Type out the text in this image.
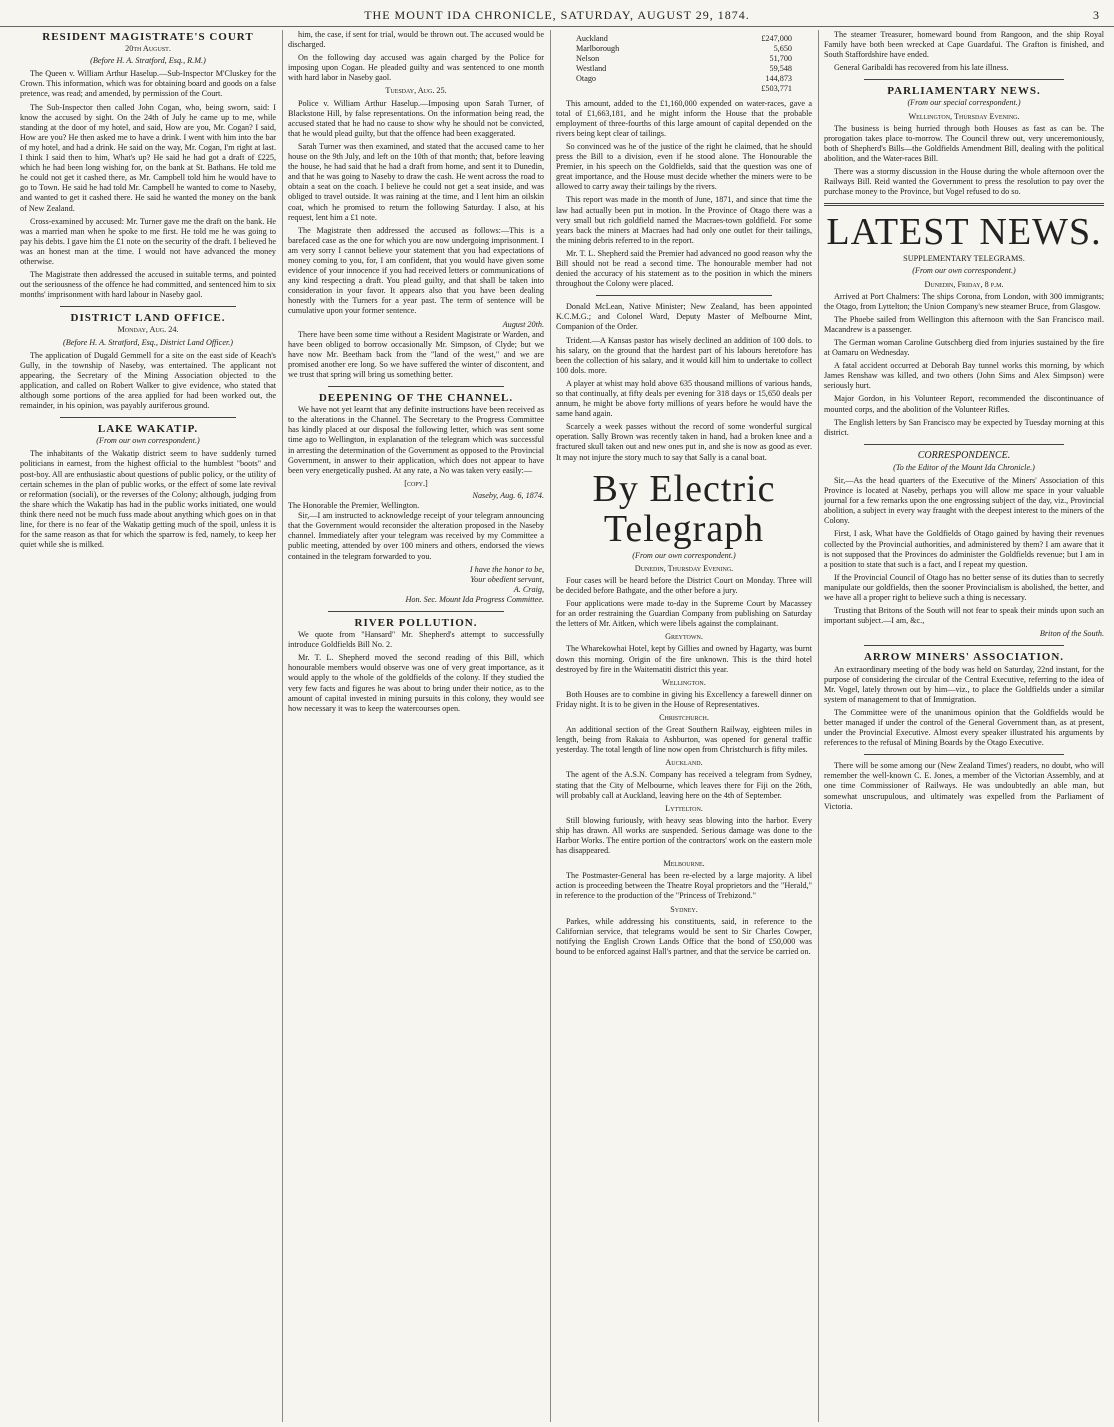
THE MOUNT IDA CHRONICLE, SATURDAY, AUGUST 29, 1874.	3
RESIDENT MAGISTRATE'S COURT
20th August.
(Before H. A. Stratford, Esq., R.M.)

The Queen v. William Arthur Haselup.—Sub-Inspector M'Cluskey for the Crown. This information, which was for obtaining board and goods on a false pretence, was read; and amended, by permission of the Court.

The Sub-Inspector then called John Cogan, who, being sworn, said: I know the accused by sight. On the 24th of July he came up to me, while standing at the door of my hotel, and said, How are you, Mr. Cogan? I said, How are you? He then asked me to have a drink. I went with him into the bar of my hotel, and had a drink. He said on the way, Mr. Cogan, I'm right at last. I think I said then to him, What's up? He said he had got a draft of £225, which he had been long wishing for, on the bank at St. Bathans. He told me he could not get it cashed there, as Mr. Campbell told him he would have to go to Town. He said he had told Mr. Campbell he wanted to come to Naseby, and wanted to get it cashed there. He said he wanted the money on the bank of New Zealand.

Cross-examined by accused: Mr. Turner gave me the draft on the bank. He was a married man when he spoke to me first. He told me he was going to pay his debts. I gave him the £1 note on the security of the draft. I believed he was an honest man at the time. I would not have advanced the money otherwise.

The Magistrate then addressed the accused in suitable terms, and pointed out the seriousness of the offence he had committed, and sentenced him to six months' imprisonment with hard labour in Naseby gaol.

DISTRICT LAND OFFICE.
Monday, Aug. 24.
(Before H. A. Stratford, Esq., District Land Officer.)

The application of Dugald Gemmell for a site on the east side of Keach's Gully, in the township of Naseby, was entertained. The applicant not appearing, the Secretary of the Mining Association objected to the application, and called on Robert Walker to give evidence, who stated that although some portions of the area applied for had been worked out, the remainder, in his opinion, was payably auriferous ground.

LAKE WAKATIP.
(From our own correspondent.)

The inhabitants of the Wakatip district seem to have suddenly turned politicians in earnest, from the highest official to the humblest "boots" and post-boy. All are enthusiastic about questions of public policy, or the utility of certain schemes in the plan of public works, or the effect of some late revival or reformation (sociali), or the reverses of the Colony; although, judging from the share which the Wakatip has had in the public works initiated, one would think there need not be much fuss made about anything which goes on in that line, for there is no fear of the Wakatip getting much of the spoil, unless it is for the same reason as that for which the sparrow is fed, namely, to keep her quiet while she is milked.

him, the case, if sent for trial, would be thrown out. The accused would be discharged.

On the following day accused was again charged by the Police for imposing upon Cogan. He pleaded guilty and was sentenced to one month with hard labor in Naseby gaol.

Tuesday, Aug. 25.

Police v. William Arthur Haselup.—Imposing upon Sarah Turner, of Blackstone Hill, by false representations. On the information being read, the accused stated that he had no cause to show why he should not be convicted, that he would plead guilty, but that the offence had been exaggerated.

Sarah Turner was then examined, and stated that the accused came to her house on the 9th July, and left on the 10th of that month; that, before leaving the house, he had said that he had a draft from home, and sent it to Dunedin, and that he was going to Naseby to draw the cash. He went across the road to obtain a seat on the coach. I believe he could not get a seat inside, and was obliged to travel outside. It was raining at the time, and I lent him an oilskin coat, which he promised to return the following Saturday. I also, at his request, lent him a £1 note.

The Magistrate then addressed the accused as follows:—This is a barefaced case as the one for which you are now undergoing imprisonment. I am very sorry I cannot believe your statement that you had expectations of money coming to you, for, I am confident, that you would have given some evidence of your innocence if you had received letters or communications of any kind respecting a draft. You plead guilty, and that shall be taken into consideration in your favor. It appears also that you have been dealing honestly with the Turners for a year past. The term of sentence will be cumulative upon your former sentence.

August 20th.

There have been some time without a Resident Magistrate or Warden, and have been obliged to borrow occasionally Mr. Simpson, of Clyde; but we have now Mr. Beetham back from the "land of the west," and we are promised another ere long. So we have suffered the winter of discontent, and we trust that spring will bring us something better.

DEEPENING OF THE CHANNEL.

We have not yet learnt that any definite instructions have been received as to the alterations in the Channel. The Secretary to the Progress Committee has kindly placed at our disposal the following letter, which was sent some time ago to Wellington, in explanation of the telegram which was successful in arresting the determination of the Government as opposed to the Provincial Government, in answer to their application, which does not appear to have been very energetically pushed. At any rate, a No was taken very easily:—

[copy.]
Naseby, Aug. 6, 1874.
The Honorable the Premier, Wellington.

Sir,—I am instructed to acknowledge receipt of your telegram announcing that the Government would reconsider the alteration proposed in the Naseby channel. Immediately after your telegram was received by my Committee a public meeting, attended by over 100 miners and others, endorsed the views contained in the telegram forwarded to you.

I have the honor to be,
Your obedient servant,
A. Craig,
Hon. Sec. Mount Ida Progress Committee.
RIVER POLLUTION.

We quote from "Hansard" Mr. Shepherd's attempt to successfully introduce Goldfields Bill No. 2.

Mr. T. L. Shepherd moved the second reading of this Bill, which honourable members would observe was one of very great importance, as it would apply to the whole of the goldfields of the colony. If they studied the very few facts and figures he was about to bring under their notice, as to the amount of capital invested in mining pursuits in this colony, they would see how necessary it was to keep the watercourses open.

Auckland	£247,000
Marlborough	5,650
Nelson	51,700
Westland	59,548
Otago	144,873
£503,771

This amount, added to the £1,160,000 expended on water-races, gave a total of £1,663,181, and he might inform the House that the probable employment of three-fourths of this large amount of capital depended on the rivers being kept clear of tailings.

So convinced was he of the justice of the right he claimed, that he should press the Bill to a division, even if he stood alone. The Honourable the Premier, in his speech on the Goldfields, said that the question was one of great importance, and the House must decide whether the miners were to be allowed to carry away their tailings by the rivers.

This report was made in the month of June, 1871, and since that time the law had actually been put in motion. In the Province of Otago there was a very small but rich goldfield named the Macraes-town goldfield. For some years back the miners at Macraes had had only one outlet for their tailings, the mining debris referred to in the report.

Mr. T. L. Shepherd said the Premier had advanced no good reason why the Bill should not be read a second time. The honourable member had not denied the accuracy of his statement as to the position in which the miners throughout the Colony were placed.

Donald McLean, Native Minister; New Zealand, has been appointed K.C.M.G.; and Colonel Ward, Deputy Master of Melbourne Mint, Companion of the Order.

Trident.—A Kansas pastor has wisely declined an addition of 100 dols. to his salary, on the ground that the hardest part of his labours heretofore has been the collection of his salary, and it would kill him to undertake to collect 100 dols. more.

A player at whist may hold above 635 thousand millions of various hands, so that continually, at fifty deals per evening for 318 days or 15,650 deals per annum, he might be above forty millions of years before he would have the same hand again.

Scarcely a week passes without the record of some wonderful surgical operation. Sally Brown was recently taken in hand, had a broken knee and a fractured skull taken out and new ones put in, and she is now as good as ever. It may not injure the story much to say that Sally is a canal boat.

By Electric Telegraph
(From our own correspondent.)
Dunedin, Thursday Evening.

Four cases will be heard before the District Court on Monday. Three will be decided before Bathgate, and the other before a jury.

Four applications were made to-day in the Supreme Court by Macassey for an order restraining the Guardian Company from publishing on Saturday the letters of Mr. Aitken, which were libels against the complainant.

Greytown.

The Wharekowhai Hotel, kept by Gillies and owned by Hagarty, was burnt down this morning. Origin of the fire unknown. This is the third hotel destroyed by fire in the Waitematiti district this year.

Wellington.

Both Houses are to combine in giving his Excellency a farewell dinner on Friday night. It is to be given in the House of Representatives.

Christchurch.

An additional section of the Great Southern Railway, eighteen miles in length, being from Rakaia to Ashburton, was opened for general traffic yesterday. The total length of line now open from Christchurch is fifty miles.

Auckland.

The agent of the A.S.N. Company has received a telegram from Sydney, stating that the City of Melbourne, which leaves there for Fiji on the 26th, will probably call at Auckland, leaving here on the 4th of September.

Lyttelton.

Still blowing furiously, with heavy seas blowing into the harbor. Every ship has drawn. All works are suspended. Serious damage was done to the Harbor Works. The entire portion of the contractors' work on the eastern mole has disappeared.

Melbourne.

The Postmaster-General has been re-elected by a large majority. A libel action is proceeding between the Theatre Royal proprietors and the "Herald," in reference to the production of the "Princess of Trebizond."

Sydney.

Parkes, while addressing his constituents, said, in reference to the Californian service, that telegrams would be sent to Sir Charles Cowper, notifying the English Crown Lands Office that the bond of £50,000 was bound to be enforced against Hall's partner, and that the service be carried on.

The steamer Treasurer, homeward bound from Rangoon, and the ship Royal Family have both been wrecked at Cape Guardafui. The Grafton is finished, and South Staffordshire have ended.

General Garibaldi has recovered from his late illness.

PARLIAMENTARY NEWS.
(From our special correspondent.)
Wellington, Thursday Evening.

The business is being hurried through both Houses as fast as can be. The prorogation takes place to-morrow. The Council threw out, very unceremoniously, both of Shepherd's Bills—the Goldfields Amendment Bill, dealing with the political abolition, and the Water-races Bill.

There was a stormy discussion in the House during the whole afternoon over the Railways Bill. Reid wanted the Government to press the resolution to pay over the purchase money to the Province, but Vogel refused to do so.

LATEST NEWS.
SUPPLEMENTARY TELEGRAMS.
(From our own correspondent.)
Dunedin, Friday, 8 p.m.

Arrived at Port Chalmers: The ships Corona, from London, with 300 immigrants; the Otago, from Lyttelton; the Union Company's new steamer Bruce, from Glasgow.

The Phoebe sailed from Wellington this afternoon with the San Francisco mail. Macandrew is a passenger.

The German woman Caroline Gutschberg died from injuries sustained by the fire at Oamaru on Wednesday.

A fatal accident occurred at Deborah Bay tunnel works this morning, by which James Renshaw was killed, and two others (John Sims and Alex Simpson) were seriously hurt.

Major Gordon, in his Volunteer Report, recommended the discontinuance of mounted corps, and the abolition of the Volunteer Rifles.

The English letters by San Francisco may be expected by Tuesday morning at this district.

CORRESPONDENCE.
(To the Editor of the Mount Ida Chronicle.)

Sir,—As the head quarters of the Executive of the Miners' Association of this Province is located at Naseby, perhaps you will allow me space in your valuable journal for a few remarks upon the one engrossing subject of the day, viz., Provincial abolition, a subject in every way fraught with the deepest interest to the miners of the Colony.

First, I ask, What have the Goldfields of Otago gained by having their revenues collected by the Provincial authorities, and administered by them? I am aware that it is not supposed that the Provinces do administer the Goldfields revenue; but I am in a position to state that such is a fact, and I repeat my question.

If the Provincial Council of Otago has no better sense of its duties than to secretly manipulate our goldfields, then the sooner Provincialism is abolished, the better, and we have all a proper right to believe such a thing is necessary.

Trusting that Britons of the South will not fear to speak their minds upon such an important subject.—I am, &c.,

Briton of the South.
ARROW MINERS' ASSOCIATION.

An extraordinary meeting of the body was held on Saturday, 22nd instant, for the purpose of considering the circular of the Central Executive, referring to the idea of Mr. Vogel, lately thrown out by him—viz., to place the Goldfields under a similar system of management to that of Immigration.

The Committee were of the unanimous opinion that the Goldfields would be better managed if under the control of the General Government than, as at present, under the Provincial Executive. Almost every speaker illustrated his arguments by references to the refusal of Mining Boards by the Otago Executive.

There will be some among our (New Zealand Times') readers, no doubt, who will remember the well-known C. E. Jones, a member of the Victorian Assembly, and at one time Commissioner of Railways. He was undoubtedly an able man, but somewhat unscrupulous, and ultimately was expelled from the Parliament of Victoria.
